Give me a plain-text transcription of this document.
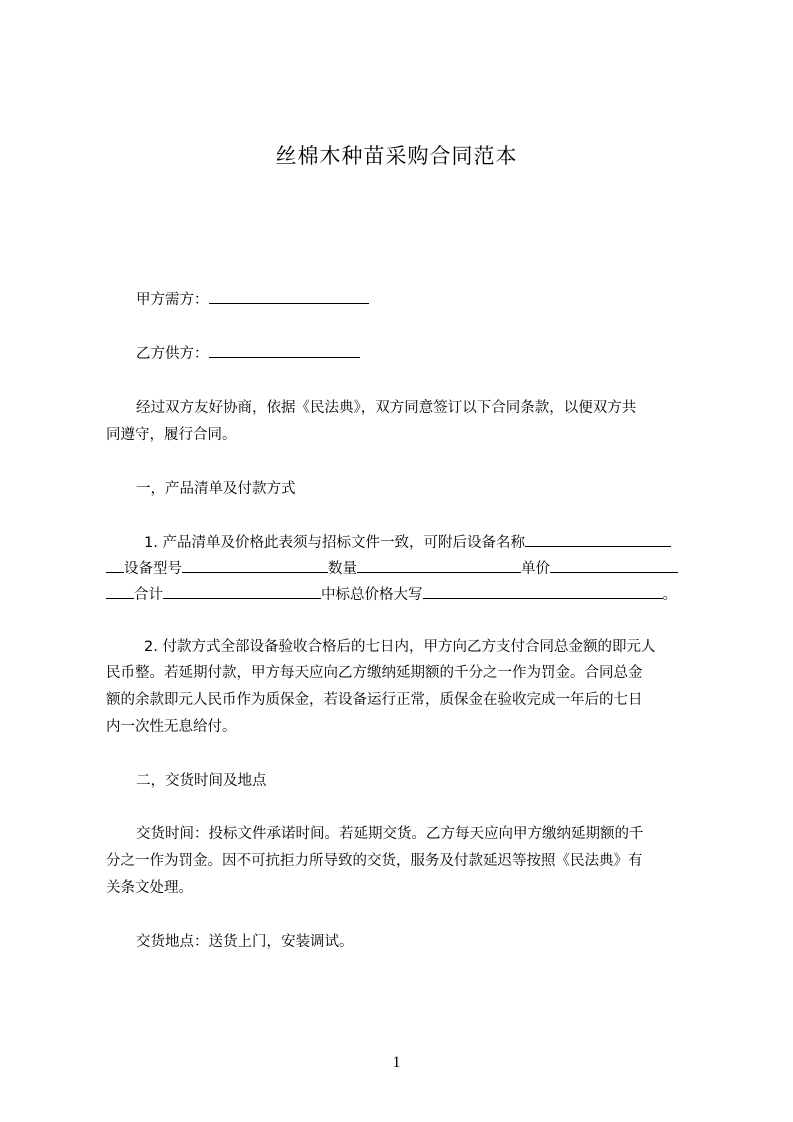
丝棉木种苗采购合同范本
甲方需方：
乙方供方：
经过双方友好协商，依据《民法典》，双方同意签订以下合同条款，以便双方共
同遵守，履行合同。
一，产品清单及付款方式
1. 产品清单及价格此表须与招标文件一致，可附后设备名称
设备型号	数量	单价
合计	中标总价格大写	。
2. 付款方式全部设备验收合格后的七日内，甲方向乙方支付合同总金额的即元人
民币整。若延期付款，甲方每天应向乙方缴纳延期额的千分之一作为罚金。合同总金
额的余款即元人民币作为质保金，若设备运行正常，质保金在验收完成一年后的七日
内一次性无息给付。
二，交货时间及地点
交货时间：投标文件承诺时间。若延期交货。乙方每天应向甲方缴纳延期额的千
分之一作为罚金。因不可抗拒力所导致的交货，服务及付款延迟等按照《民法典》有
关条文处理。
交货地点：送货上门，安装调试。
1
